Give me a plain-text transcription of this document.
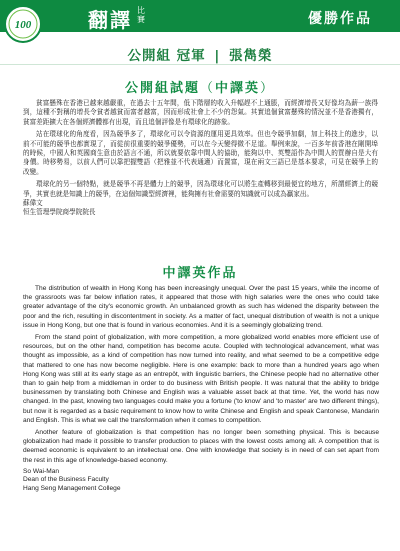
100	翻譯 比賽	優勝作品
公開組 冠軍 | 張雋榮
公開組試題（中譯英）

貧富懸殊在香港已越來越嚴重，在過去十五年間，低下階層的收入升幅趕不上通脹，而經濟增長又好像均為薪一族得到，這種不對稱的增長令貧者越貧而富者越富，因而形成社會上不少的怨氣。其實追個貧富懸殊的情況並不是香港獨有，貧富差距擴大在各個經濟體都有出現，而且追個評像是有環球化的跡象。

站在環球化的角度看，因為競爭多了，環球化可以令資源的運用更具效率。但也令競爭加劇，加上科技上的進步，以前不可能的競爭也都實現了，而從前很重要的競爭優勢，可以在今天變得微不足道。舉例來說，一百多年前香港在剛開埠的時候，中國人和英國商生意由於語言不通，所以就要依靠中間人的協助，能夠以中、英雙語作為中間人的買辦自是大有身價。時移勢易，以前人們可以靠把握雙語（把雅並不代表通適）而置富，現在兩文三語已是基本要求，可見在競爭上的改變。

環球化的另一個特點，就是競爭不再是體力上的競爭，因為環球化可以將生產轉移到最便宜的地方，所謂經濟上的競爭，其實也就是知識上的競爭，在這個知識型經濟裡，能夠擁有社會需要的知識就可以成為贏家出。

蘇偉文

恒生管理學院商學院院長

中譯英作品

The distribution of wealth in Hong Kong has been increasingly unequal. Over the past 15 years, while the income of the grassroots was far below inflation rates, it appeared that those with high salaries were the ones who could take greater advantage of the city's economic growth. An unbalanced growth as such has widened the disparity between the poor and the rich, resulting in discontentment in society. As a matter of fact, unequal distribution of wealth is not a unique issue in Hong Kong, but one that is found in various economies. And it is a seemingly globalizing trend.

From the stand point of globalization, with more competition, a more globalized world enables more efficient use of resources, but on the other hand, competition has become acute. Coupled with technological advancement, what was thought as impossible, as a kind of competition has now turned into reality, and what seemed to be a competitive edge that mattered to one has now become negligible. Here is one example: back to more than a hundred years ago when Hong Kong was still at its early stage as an entrepôt, with linguistic barriers, the Chinese people had no alternative other than to gain help from a middleman in order to do business with British people. It was natural that the ability to bridge businessmen by translating both Chinese and English was a valuable asset back at that time. Yet, the world has now changed. In the past, knowing two languages could make you a fortune ('to know' and 'to master' are two different things), but now it is regarded as a basic requirement to know how to write Chinese and English and speak Cantonese, Mandarin and English. This is what we call the transformation when it comes to competition.

Another feature of globalization is that competition has no longer been something physical. This is because globalization had made it possible to transfer production to places with the lowest costs among all. A competition that is deemed economic is equivalent to an intellectual one. One with knowledge that society is in need of can set apart from the rest in this age of knowledge-based economy.

So Wai-Man

Dean of the Business Faculty

Hang Seng Management College
